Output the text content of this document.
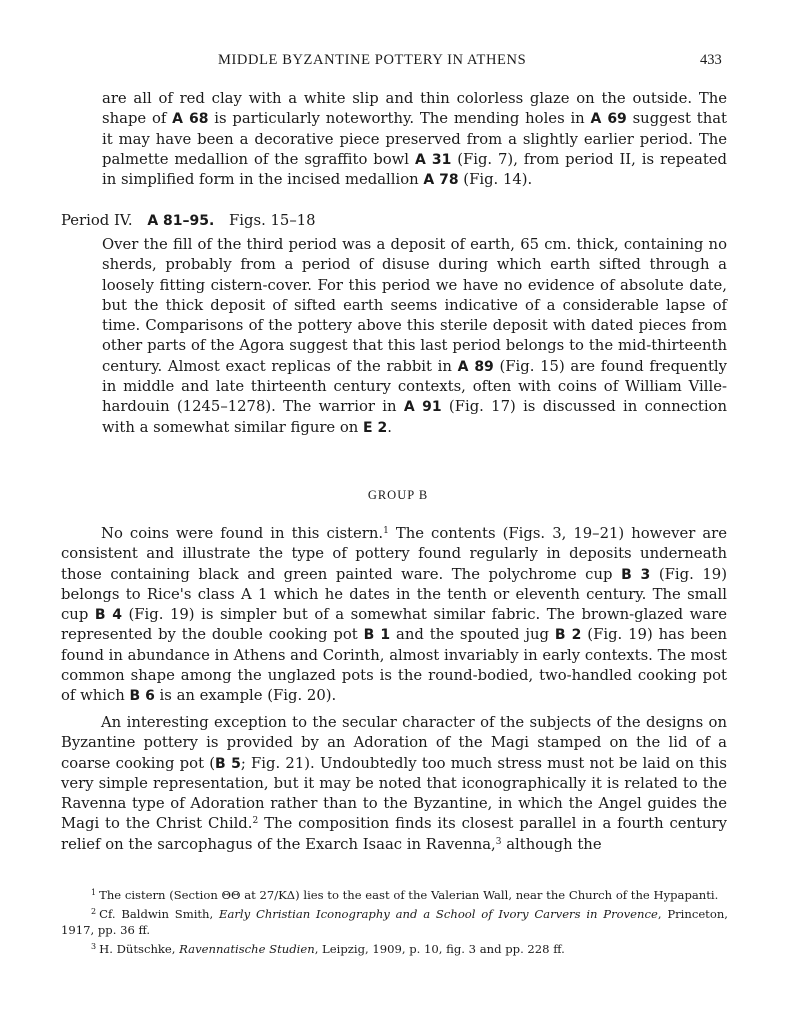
MIDDLE BYZANTINE POTTERY IN ATHENS	433

are all of red clay with a white slip and thin colorless glaze on the outside. The shape of A 68 is particularly noteworthy. The mending holes in A 69 suggest that it may have been a decorative piece preserved from a slightly earlier period. The palmette medallion of the sgraffito bowl A 31 (Fig. 7), from period II, is repeated in simplified form in the incised medallion A 78 (Fig. 14).

Period IV. A 81–95. Figs. 15–18

Over the fill of the third period was a deposit of earth, 65 cm. thick, containing no sherds, probably from a period of disuse during which earth sifted through a loosely fitting cistern-cover. For this period we have no evidence of absolute date, but the thick deposit of sifted earth seems indicative of a considerable lapse of time. Comparisons of the pottery above this sterile deposit with dated pieces from other parts of the Agora suggest that this last period belongs to the mid-thirteenth century. Almost exact replicas of the rabbit in A 89 (Fig. 15) are found frequently in middle and late thirteenth century contexts, often with coins of William Ville-hardouin (1245–1278). The warrior in A 91 (Fig. 17) is discussed in connection with a somewhat similar figure on E 2.

GROUP B

No coins were found in this cistern.$^1$ The contents (Figs. 3, 19–21) however are consistent and illustrate the type of pottery found regularly in deposits underneath those containing black and green painted ware. The polychrome cup B 3 (Fig. 19) belongs to Rice's class A 1 which he dates in the tenth or eleventh century. The small cup B 4 (Fig. 19) is simpler but of a somewhat similar fabric. The brown-glazed ware represented by the double cooking pot B 1 and the spouted jug B 2 (Fig. 19) has been found in abundance in Athens and Corinth, almost invariably in early contexts. The most common shape among the unglazed pots is the round-bodied, two-handled cooking pot of which B 6 is an example (Fig. 20).

An interesting exception to the secular character of the subjects of the designs on Byzantine pottery is provided by an Adoration of the Magi stamped on the lid of a coarse cooking pot (B 5; Fig. 21). Undoubtedly too much stress must not be laid on this very simple representation, but it may be noted that iconographically it is related to the Ravenna type of Adoration rather than to the Byzantine, in which the Angel guides the Magi to the Christ Child.$^2$ The composition finds its closest parallel in a fourth century relief on the sarcophagus of the Exarch Isaac in Ravenna,$^3$ although the

$^1$ The cistern (Section ΘΘ at 27/ΚΔ) lies to the east of the Valerian Wall, near the Church of the Hypapanti.

$^2$ Cf. Baldwin Smith, Early Christian Iconography and a School of Ivory Carvers in Provence, Princeton, 1917, pp. 36 ff.

$^3$ H. Dütschke, Ravennatische Studien, Leipzig, 1909, p. 10, fig. 3 and pp. 228 ff.
